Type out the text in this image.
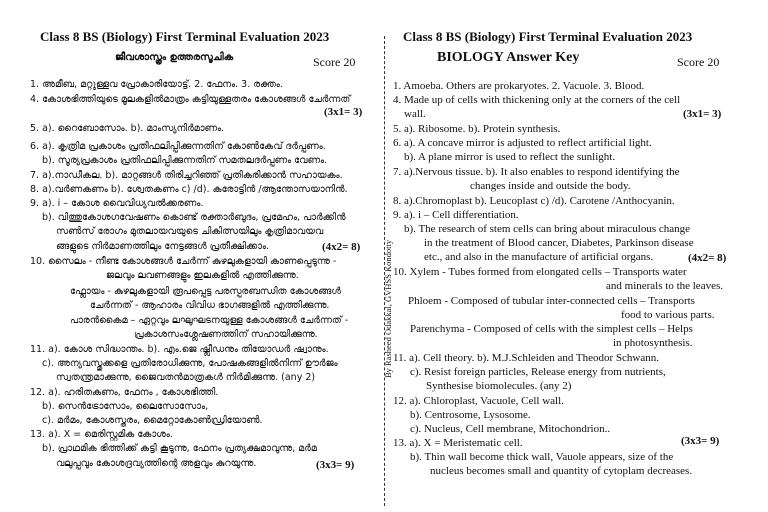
Class 8 BS (Biology) First Terminal Evaluation 2023
ജീവശാസ്ത്രം ഉത്തരസൂചിക	Score 20
1. അമീബ, മറ്റുള്ളവ പ്രോകാരിയോട്ട്. 2. ഫേനം. 3. രക്തം.
4. കോശഭിത്തിയുടെ മൂലകളിൽമാത്രം കട്ടിയുള്ളതരം കോശങ്ങൾ ചേർന്നത്
(3x1= 3)
5. a). റൈബോസോം. b). മാംസ്യനിർമാണം.
6. a). കൃത്രിമ പ്രകാശം പ്രതിഫലിപ്പിക്കുന്നതിന് കോൺകേവ് ദർപ്പണം.
b). സൂര്യപ്രകാശം പ്രതിഫലിപ്പിക്കുന്നതിന് സമതലദർപ്പണം വേണം.
7. a).നാഡീകല. b). മാറ്റങ്ങൾ തിരിച്ചറിഞ്ഞ് പ്രതികരിക്കാൻ സഹായകം.
8. a).വർണകണം b). ശ്വേതകണം c) /d). കരോട്ടിൻ /ആന്തോസയാനിൻ.
9. a). i – കോശ വൈവിധ്യവൽക്കരണം.
b). വിത്തുകോശഗവേഷണം കൊണ്ട് രക്താർബുദം, പ്രമേഹം, പാർക്കിൻ
സൺസ് രോഗം മുതലായവയുടെ ചികിത്സയിലും കൃത്രിമാവയവ
ങ്ങളുടെ നിർമാണത്തിലും നേട്ടങ്ങൾ പ്രതീക്ഷിക്കാം.	(4x2= 8)
10. സൈലം - നീണ്ട കോശങ്ങൾ ചേർന്ന് കുഴലുകളായി കാണപ്പെടുന്നു -
ജലവും ലവണങ്ങളും ഇലകളിൽ എത്തിക്കുന്നു.
ഫ്ലോയം - കുഴലുകളായി രൂപപ്പെട്ട പരസ്പരബന്ധിത കോശങ്ങൾ
ചേർന്നത് - ആഹാരം വിവിധ ഭാഗങ്ങളിൽ എത്തിക്കുന്നു.
പാരൻകൈമ – ഏറ്റവും ലഘുഘടനയുള്ള കോശങ്ങൾ ചേർന്നത് -
പ്രകാശസംശ്ലേഷണത്തിന് സഹായിക്കുന്നു.
11. a). കോശ സിദ്ധാന്തം. b). എം.ജെ ഷ്ലീഡനും തിയോഡർ ഷ്വാനും.
c). അന്യവസ്തുക്കളെ പ്രതിരോധിക്കുന്നു, പോഷകങ്ങളിൽനിന്ന് ഊർജം
സ്വതന്ത്രമാക്കുന്നു, ജൈവതൻമാത്രകൾ നിർമിക്കുന്നു. (any 2)
12. a). ഹരിതകണം, ഫേനം , കോശഭിത്തി.
b). സെൻട്രോസോം, ലൈസോസോം,
c). മർമം, കോശസ്തരം, മൈറ്റോകോൺഡ്രിയോൺ.
13. a). X = മെരിസ്റ്റമിക കോശം.
b). പ്രാഥമിക ഭിത്തിക്ക് കട്ടി കൂടുന്നു, ഫേനം പ്രത്യക്ഷമാവുന്നു, മർമ
വലുപ്പവും കോശദ്രവ്യത്തിന്റെ അളവും കുറയുന്നു.	(3x3= 9)
By Rasheed Odakkal, GVHSS Kondotty
Class 8 BS (Biology) First Terminal Evaluation 2023
BIOLOGY Answer Key	Score 20
1. Amoeba. Others are prokaryotes. 2. Vacuole. 3. Blood.
4. Made up of cells with thickening only at the corners of the cell
wall.	(3x1= 3)
5. a). Ribosome. b). Protein synthesis.
6. a). A concave mirror is adjusted to reflect artificial light.
b). A plane mirror is used to reflect the sunlight.
7. a).Nervous tissue. b). It also enables to respond identifying the
changes inside and outside the body.
8. a).Chromoplast b). Leucoplast c) /d). Carotene /Anthocyanin.
9. a). i – Cell differentiation.
b). The research of stem cells can bring about miraculous change
in the treatment of Blood cancer, Diabetes, Parkinson disease
etc., and also in the manufacture of artificial organs.	(4x2= 8)
10. Xylem - Tubes formed from elongated cells – Transports water
and minerals to the leaves.
Phloem - Composed of tubular inter-connected cells – Transports
food to various parts.
Parenchyma - Composed of cells with the simplest cells – Helps
in photosynthesis.
11. a). Cell theory. b). M.J.Schleiden and Theodor Schwann.
c). Resist foreign particles, Release energy from nutrients,
Synthesise biomolecules. (any 2)
12. a). Chloroplast, Vacuole, Cell wall.
b). Centrosome, Lysosome.
c). Nucleus, Cell membrane, Mitochondrion..
13. a). X = Meristematic cell.	(3x3= 9)
b). Thin wall become thick wall, Vauole appears, size of the
nucleus becomes small and quantity of cytoplam decreases.
